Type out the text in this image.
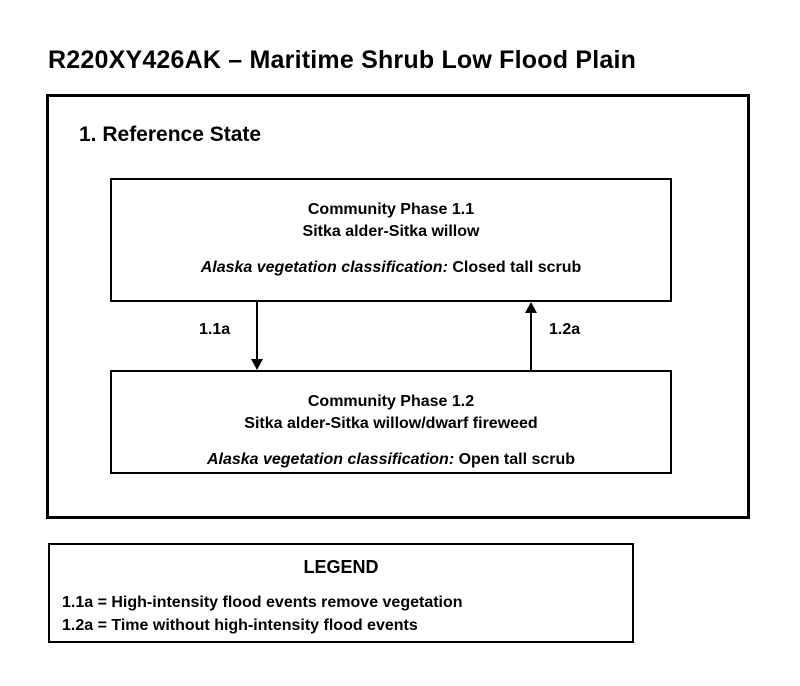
R220XY426AK – Maritime Shrub Low Flood Plain
1. Reference State
Community Phase 1.1
Sitka alder-Sitka willow
Alaska vegetation classification: Closed tall scrub
1.1a	1.2a
Community Phase 1.2
Sitka alder-Sitka willow/dwarf fireweed
Alaska vegetation classification: Open tall scrub
LEGEND
1.1a = High-intensity flood events remove vegetation
1.2a = Time without high-intensity flood events
